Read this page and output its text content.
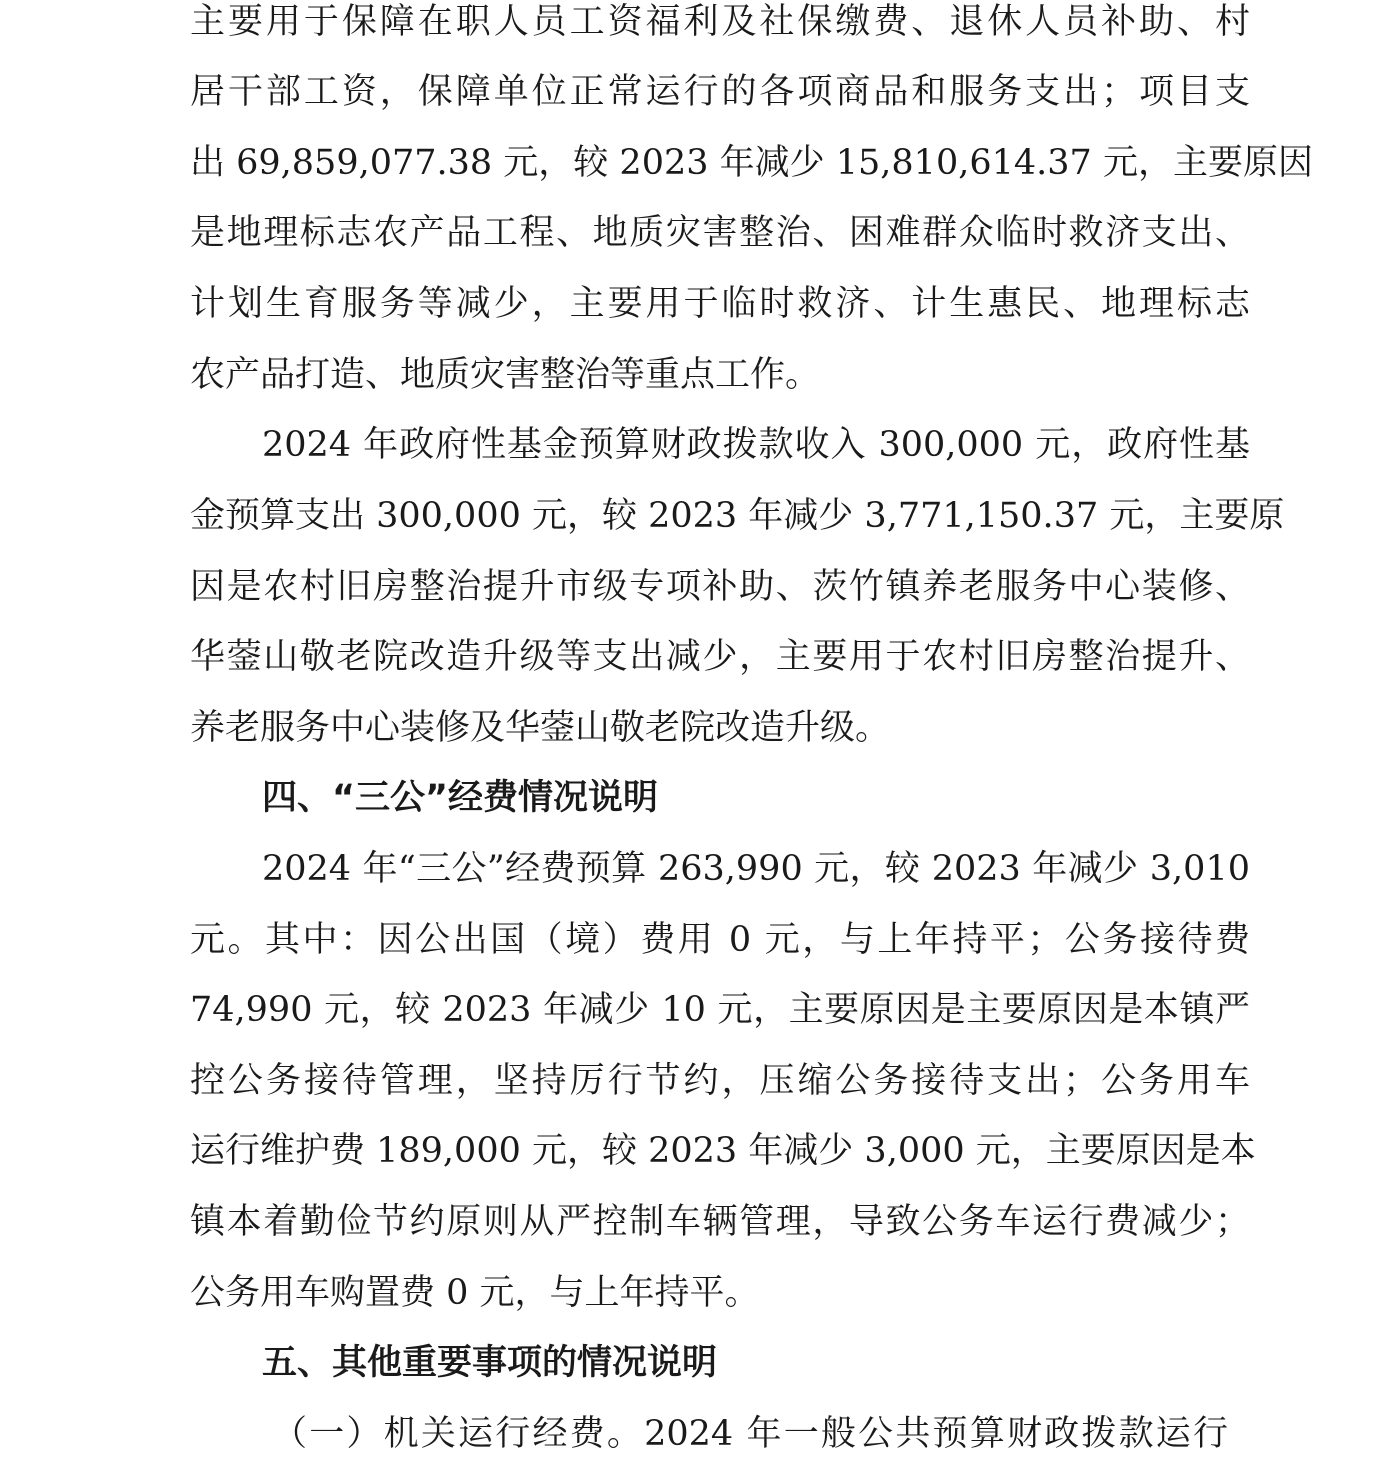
主要用于保障在职人员工资福利及社保缴费、退休人员补助、村
居干部工资，保障单位正常运行的各项商品和服务支出；项目支
出 69,859,077.38 元，较 2023 年减少 15,810,614.37 元，主要原因
是地理标志农产品工程、地质灾害整治、困难群众临时救济支出、
计划生育服务等减少，主要用于临时救济、计生惠民、地理标志
农产品打造、地质灾害整治等重点工作。
2024 年政府性基金预算财政拨款收入 300,000 元，政府性基
金预算支出 300,000 元，较 2023 年减少 3,771,150.37 元，主要原
因是农村旧房整治提升市级专项补助、茨竹镇养老服务中心装修、
华蓥山敬老院改造升级等支出减少，主要用于农村旧房整治提升、
养老服务中心装修及华蓥山敬老院改造升级。
四、“三公”经费情况说明
2024 年“三公”经费预算 263,990 元，较 2023 年减少 3,010
元。其中：因公出国（境）费用 0 元，与上年持平；公务接待费
74,990 元，较 2023 年减少 10 元，主要原因是主要原因是本镇严
控公务接待管理，坚持厉行节约，压缩公务接待支出；公务用车
运行维护费 189,000 元，较 2023 年减少 3,000 元，主要原因是本
镇本着勤俭节约原则从严控制车辆管理，导致公务车运行费减少；
公务用车购置费 0 元，与上年持平。
五、其他重要事项的情况说明
（一）机关运行经费。2024 年一般公共预算财政拨款运行
